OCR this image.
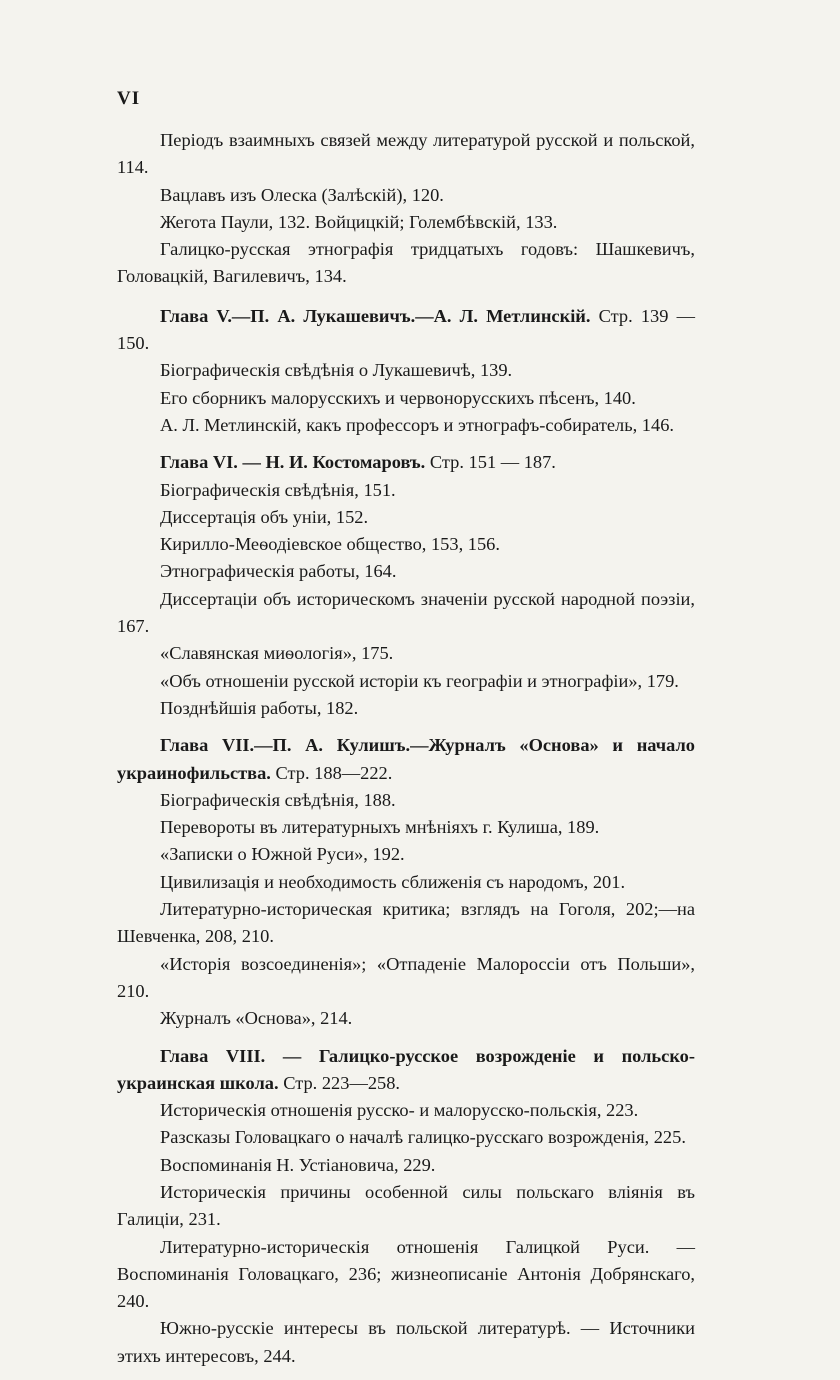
VI

Періодъ взаимныхъ связей между литературой русской и польской, 114.

Вацлавъ изъ Олеска (Залѣскій), 120.

Жегота Паули, 132. Войцицкій; Голембѣвскій, 133.

Галицко-русская этнографія тридцатыхъ годовъ: Шашкевичъ, Головацкій, Вагилевичъ, 134.

Глава V.—П. А. Лукашевичъ.—А. Л. Метлинскій. Стр. 139 — 150.

Біографическія свѣдѣнія о Лукашевичѣ, 139.

Его сборникъ малорусскихъ и червонорусскихъ пѣсенъ, 140.

А. Л. Метлинскій, какъ профессоръ и этнографъ-собиратель, 146.

Глава VI. — Н. И. Костомаровъ. Стр. 151 — 187.

Біографическія свѣдѣнія, 151.

Диссертація объ уніи, 152.

Кирилло-Меѳодіевское общество, 153, 156.

Этнографическія работы, 164.

Диссертаціи объ историческомъ значеніи русской народной поэзіи, 167.

«Славянская миѳологія», 175.

«Объ отношеніи русской исторіи къ географіи и этнографіи», 179.

Позднѣйшія работы, 182.

Глава VII.—П. А. Кулишъ.—Журналъ «Основа» и начало украинофильства. Стр. 188—222.

Біографическія свѣдѣнія, 188.

Перевороты въ литературныхъ мнѣніяхъ г. Кулиша, 189.

«Записки о Южной Руси», 192.

Цивилизація и необходимость сближенія съ народомъ, 201.

Литературно-историческая критика; взглядъ на Гоголя, 202;—на Шевченка, 208, 210.

«Исторія возсоединенія»; «Отпаденіе Малороссіи отъ Польши», 210.

Журналъ «Основа», 214.

Глава VIII. — Галицко-русское возрожденіе и польско-украинская школа. Стр. 223—258.

Историческія отношенія русско- и малорусско-польскія, 223.

Разсказы Головацкаго о началѣ галицко-русскаго возрожденія, 225.

Воспоминанія Н. Устіановича, 229.

Историческія причины особенной силы польскаго вліянія въ Галиціи, 231.

Литературно-историческія отношенія Галицкой Руси. — Воспоминанія Головацкаго, 236; жизнеописаніе Антонія Добрянскаго, 240.

Южно-русскіе интересы въ польской литературѣ. — Источники этихъ интересовъ, 244.
